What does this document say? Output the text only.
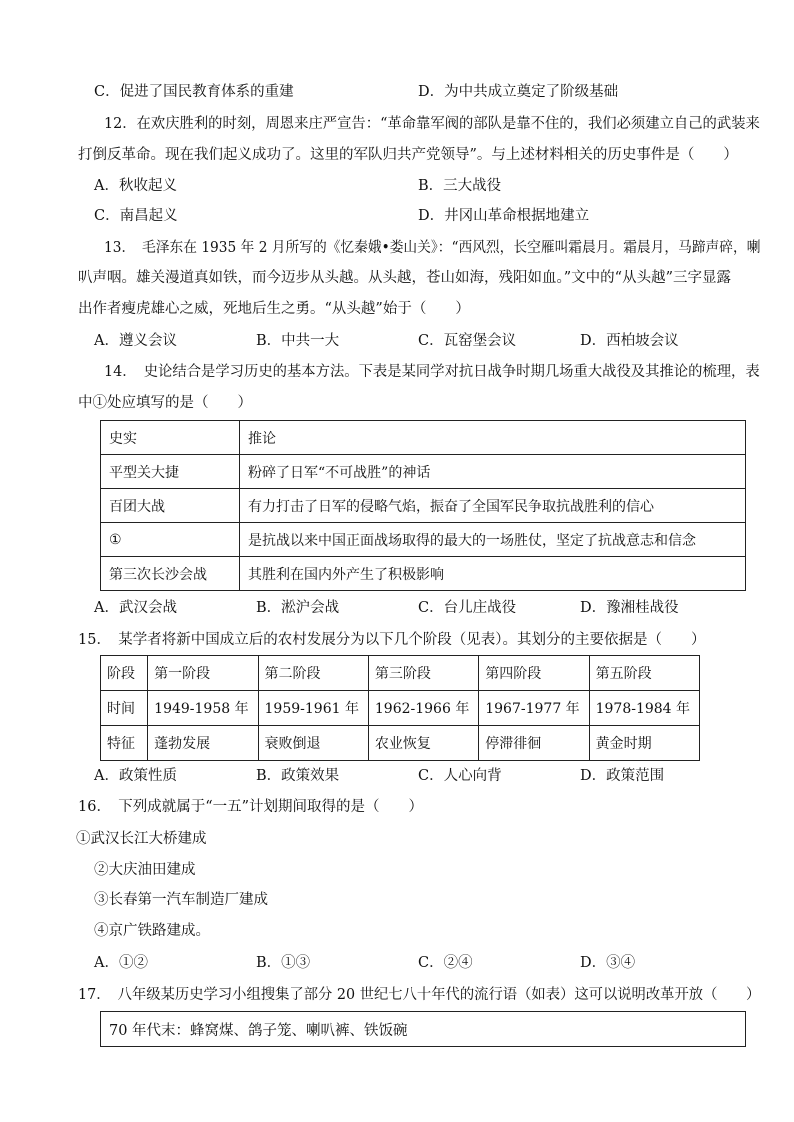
C．促进了国民教育体系的重建	D．为中共成立奠定了阶级基础
12．在欢庆胜利的时刻，周恩来庄严宣告：“革命靠军阀的部队是靠不住的，我们必须建立自己的武装来
打倒反革命。现在我们起义成功了。这里的军队归共产党领导”。与上述材料相关的历史事件是（　　）
A．秋收起义	B．三大战役
C．南昌起义	D．井冈山革命根据地建立
13．　毛泽东在 1935 年 2 月所写的《忆秦娥•娄山关》：“西风烈，长空雁叫霜晨月。霜晨月，马蹄声碎，喇
叭声咽。雄关漫道真如铁，而今迈步从头越。从头越，苍山如海，残阳如血。”文中的“从头越”三字显露
出作者瘦虎雄心之威，死地后生之勇。“从头越”始于（　　）
A．遵义会议	B．中共一大	C．瓦窑堡会议	D．西柏坡会议
14．　史论结合是学习历史的基本方法。下表是某同学对抗日战争时期几场重大战役及其推论的梳理，表
中①处应填写的是（　　）
史实	推论
平型关大捷	粉碎了日军“不可战胜”的神话
百团大战	有力打击了日军的侵略气焰，振奋了全国军民争取抗战胜利的信心
①	是抗战以来中国正面战场取得的最大的一场胜仗，坚定了抗战意志和信念
第三次长沙会战	其胜利在国内外产生了积极影响
A．武汉会战	B．淞沪会战	C．台儿庄战役	D．豫湘桂战役
15．　某学者将新中国成立后的农村发展分为以下几个阶段（见表）。其划分的主要依据是（　　）
阶段	第一阶段	第二阶段	第三阶段	第四阶段	第五阶段
时间	1949-1958 年	1959-1961 年	1962-1966 年	1967-1977 年	1978-1984 年
特征	蓬勃发展	衰败倒退	农业恢复	停滞徘徊	黄金时期
A．政策性质	B．政策效果	C．人心向背	D．政策范围
16．　下列成就属于“一五”计划期间取得的是（　　）
①武汉长江大桥建成
②大庆油田建成
③长春第一汽车制造厂建成
④京广铁路建成。
A．①②	B．①③	C．②④	D．③④
17．　八年级某历史学习小组搜集了部分 20 世纪七八十年代的流行语（如表）这可以说明改革开放（　　）
70 年代末：蜂窝煤、鸽子笼、喇叭裤、铁饭碗
